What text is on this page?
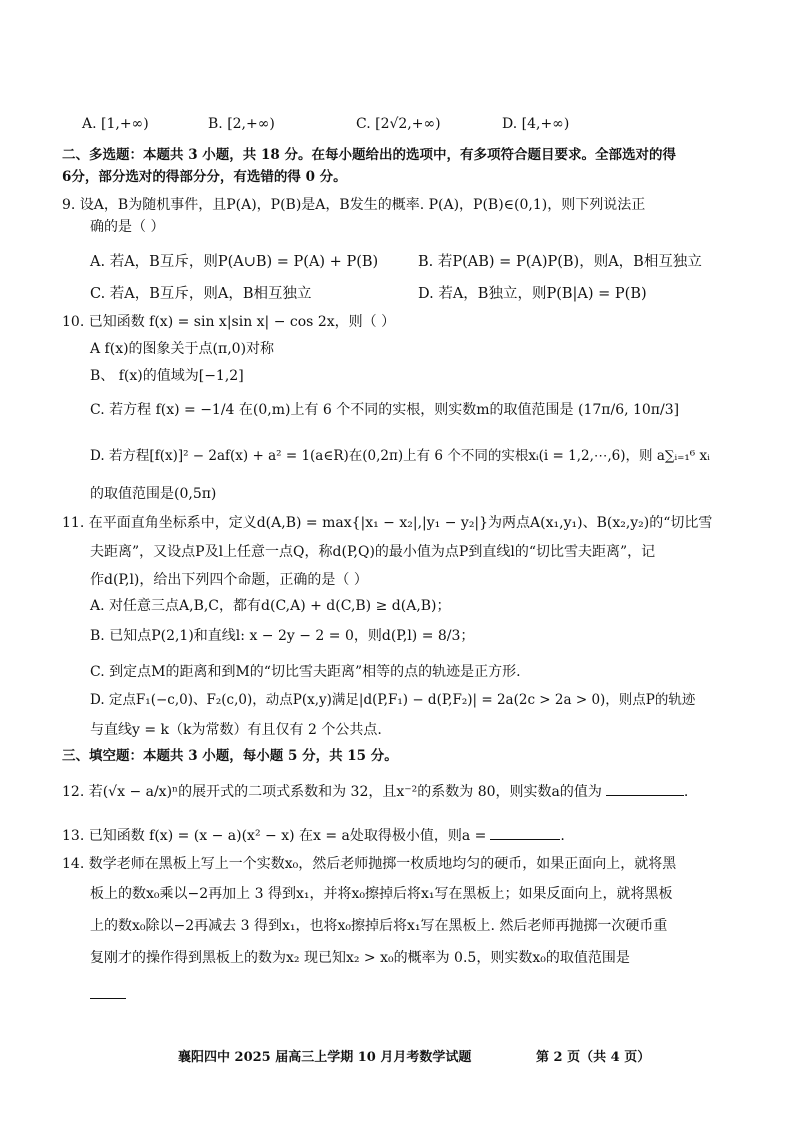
A. [1,+∞)	B. [2,+∞)	C. [2√2,+∞)	D. [4,+∞)
二、多选题：本题共 3 小题，共 18 分。在每小题给出的选项中，有多项符合题目要求。全部选对的得
6分，部分选对的得部分分，有选错的得 0 分。
9. 设A，B为随机事件，且P(A)，P(B)是A，B发生的概率. P(A)，P(B)∈(0,1)，则下列说法正
确的是（ ）
A. 若A，B互斥，则P(A∪B) = P(A) + P(B)	B. 若P(AB) = P(A)P(B)，则A，B相互独立
C. 若A，B互斥，则A，B相互独立	D. 若A，B独立，则P(B|A) = P(B)
10. 已知函数 f(x) = sin x|sin x| − cos 2x，则（ ）
A f(x)的图象关于点(π,0)对称
B、 f(x)的值域为[−1,2]
C. 若方程 f(x) = −1/4 在(0,m)上有 6 个不同的实根，则实数m的取值范围是 (17π/6, 10π/3]
D. 若方程[f(x)]² − 2af(x) + a² = 1(a∈R)在(0,2π)上有 6 个不同的实根xᵢ(i = 1,2,⋯,6)，则 a∑ᵢ₌₁⁶ xᵢ
的取值范围是(0,5π)
11. 在平面直角坐标系中，定义d(A,B) = max{|x₁ − x₂|,|y₁ − y₂|}为两点A(x₁,y₁)、B(x₂,y₂)的“切比雪
夫距离”，又设点P及l上任意一点Q，称d(P,Q)的最小值为点P到直线l的“切比雪夫距离”，记
作d(P,l)，给出下列四个命题，正确的是（ ）
A. 对任意三点A,B,C，都有d(C,A) + d(C,B) ≥ d(A,B)；
B. 已知点P(2,1)和直线l: x − 2y − 2 = 0，则d(P,l) = 8/3；
C. 到定点M的距离和到M的“切比雪夫距离”相等的点的轨迹是正方形.
D. 定点F₁(−c,0)、F₂(c,0)，动点P(x,y)满足|d(P,F₁) − d(P,F₂)| = 2a(2c > 2a > 0)，则点P的轨迹
与直线y = k（k为常数）有且仅有 2 个公共点.
三、填空题：本题共 3 小题，每小题 5 分，共 15 分。
12. 若(√x − a/x)ⁿ的展开式的二项式系数和为 32，且x⁻²的系数为 80，则实数a的值为	.
13. 已知函数 f(x) = (x − a)(x² − x) 在x = a处取得极小值，则a =	.
14. 数学老师在黑板上写上一个实数x₀，然后老师抛掷一枚质地均匀的硬币，如果正面向上，就将黑
板上的数x₀乘以−2再加上 3 得到x₁，并将x₀擦掉后将x₁写在黑板上；如果反面向上，就将黑板
上的数x₀除以−2再减去 3 得到x₁，也将x₀擦掉后将x₁写在黑板上. 然后老师再抛掷一次硬币重
复刚才的操作得到黑板上的数为x₂ 现已知x₂ > x₀的概率为 0.5，则实数x₀的取值范围是
襄阳四中 2025 届高三上学期 10 月月考数学试题	第 2 页（共 4 页）
